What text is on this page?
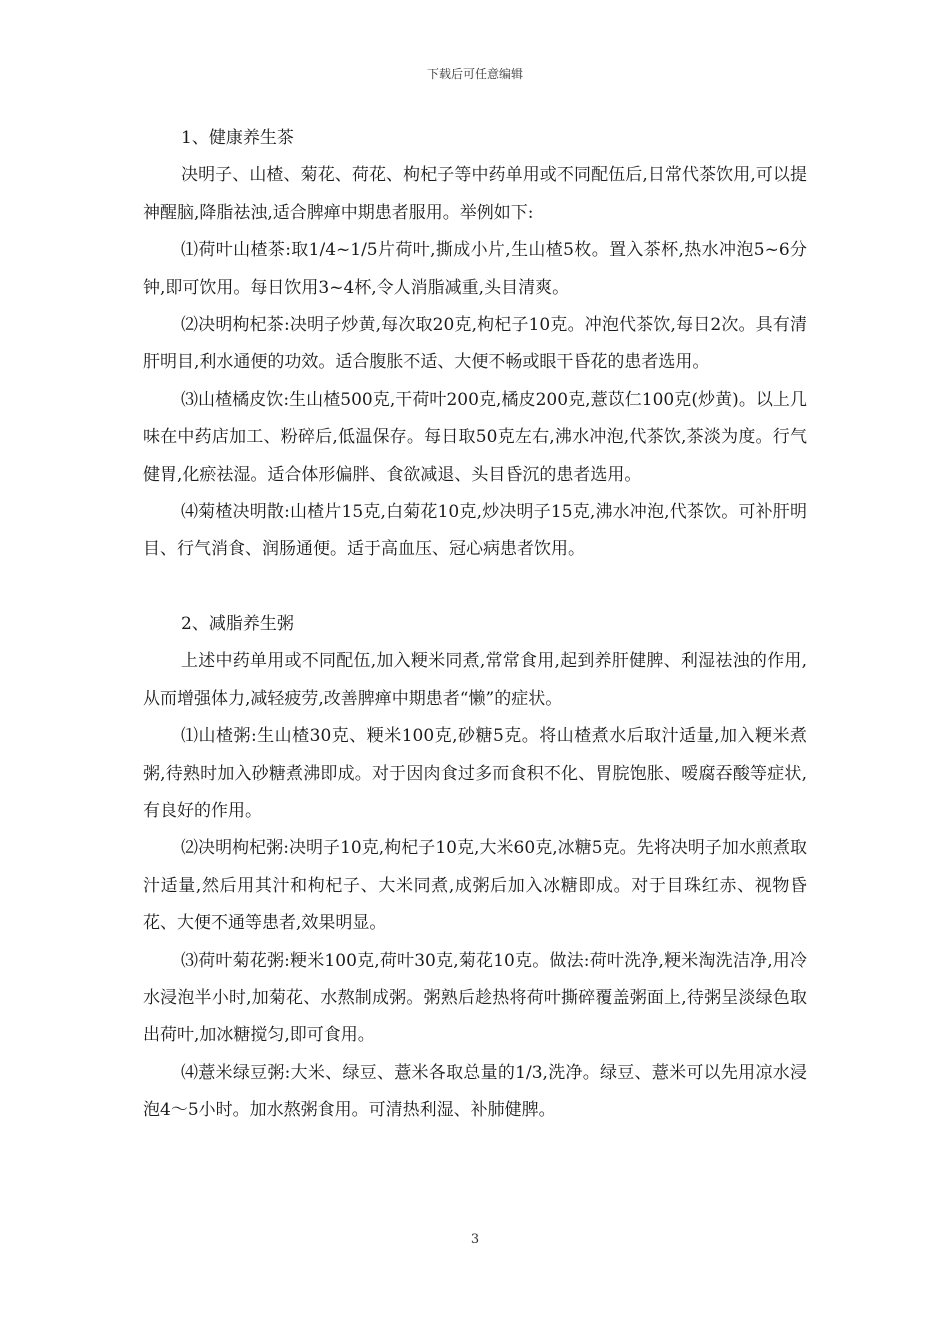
下载后可任意编辑

1、健康养生茶

决明子、山楂、菊花、荷花、枸杞子等中药单用或不同配伍后,日常代茶饮用,可以提神醒脑,降脂祛浊,适合脾瘅中期患者服用。举例如下:

⑴荷叶山楂茶:取1/4~1/5片荷叶,撕成小片,生山楂5枚。置入茶杯,热水冲泡5~6分钟,即可饮用。每日饮用3~4杯,令人消脂减重,头目清爽。

⑵决明枸杞茶:决明子炒黄,每次取20克,枸杞子10克。冲泡代茶饮,每日2次。具有清肝明目,利水通便的功效。适合腹胀不适、大便不畅或眼干昏花的患者选用。

⑶山楂橘皮饮:生山楂500克,干荷叶200克,橘皮200克,薏苡仁100克(炒黄)。以上几味在中药店加工、粉碎后,低温保存。每日取50克左右,沸水冲泡,代茶饮,茶淡为度。行气健胃,化瘀祛湿。适合体形偏胖、食欲减退、头目昏沉的患者选用。

⑷菊楂决明散:山楂片15克,白菊花10克,炒决明子15克,沸水冲泡,代茶饮。可补肝明目、行气消食、润肠通便。适于高血压、冠心病患者饮用。

2、减脂养生粥

上述中药单用或不同配伍,加入粳米同煮,常常食用,起到养肝健脾、利湿祛浊的作用,从而增强体力,减轻疲劳,改善脾瘅中期患者“懒”的症状。

⑴山楂粥:生山楂30克、粳米100克,砂糖5克。将山楂煮水后取汁适量,加入粳米煮粥,待熟时加入砂糖煮沸即成。对于因肉食过多而食积不化、胃脘饱胀、嗳腐吞酸等症状,有良好的作用。

⑵决明枸杞粥:决明子10克,枸杞子10克,大米60克,冰糖5克。先将决明子加水煎煮取汁适量,然后用其汁和枸杞子、大米同煮,成粥后加入冰糖即成。对于目珠红赤、视物昏花、大便不通等患者,效果明显。

⑶荷叶菊花粥:粳米100克,荷叶30克,菊花10克。做法:荷叶洗净,粳米淘洗洁净,用冷水浸泡半小时,加菊花、水熬制成粥。粥熟后趁热将荷叶撕碎覆盖粥面上,待粥呈淡绿色取出荷叶,加冰糖搅匀,即可食用。

⑷薏米绿豆粥:大米、绿豆、薏米各取总量的1/3,洗净。绿豆、薏米可以先用凉水浸泡4～5小时。加水熬粥食用。可清热利湿、补肺健脾。

3
